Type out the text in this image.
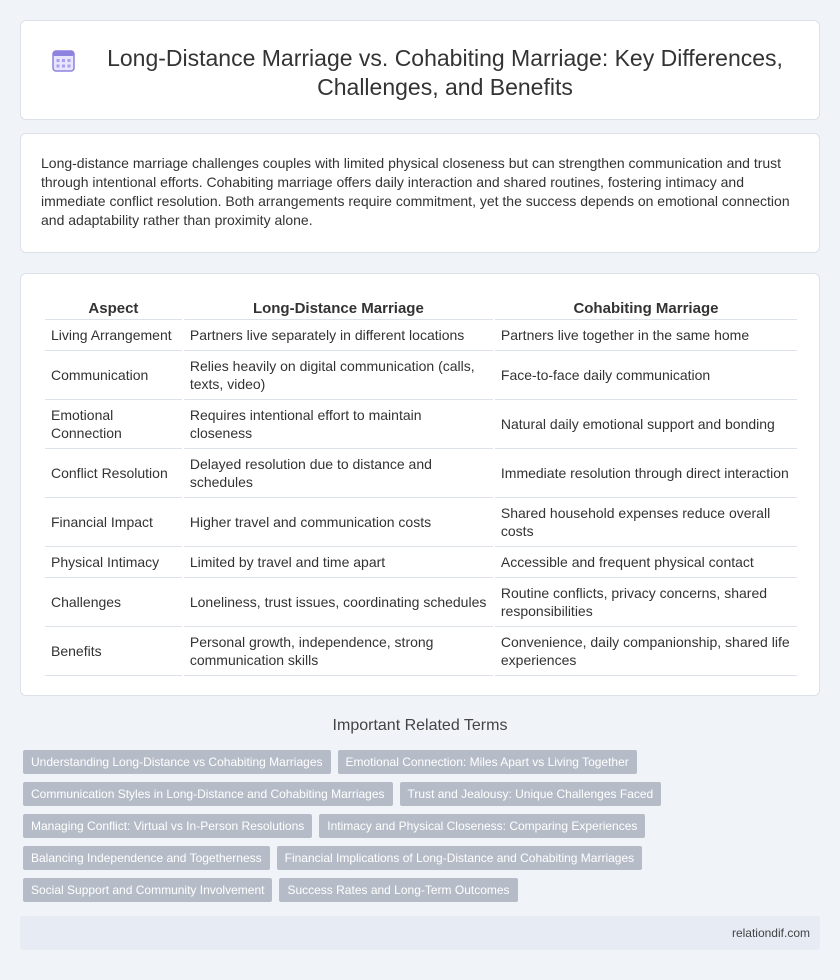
Long-Distance Marriage vs. Cohabiting Marriage: Key Differences, Challenges, and Benefits

Long-distance marriage challenges couples with limited physical closeness but can strengthen communication and trust through intentional efforts. Cohabiting marriage offers daily interaction and shared routines, fostering intimacy and immediate conflict resolution. Both arrangements require commitment, yet the success depends on emotional connection and adaptability rather than proximity alone.

Aspect	Long-Distance Marriage	Cohabiting Marriage
Living Arrangement	Partners live separately in different locations	Partners live together in the same home
Communication	Relies heavily on digital communication (calls, texts, video)	Face-to-face daily communication
Emotional Connection	Requires intentional effort to maintain closeness	Natural daily emotional support and bonding
Conflict Resolution	Delayed resolution due to distance and schedules	Immediate resolution through direct interaction
Financial Impact	Higher travel and communication costs	Shared household expenses reduce overall costs
Physical Intimacy	Limited by travel and time apart	Accessible and frequent physical contact
Challenges	Loneliness, trust issues, coordinating schedules	Routine conflicts, privacy concerns, shared responsibilities
Benefits	Personal growth, independence, strong communication skills	Convenience, daily companionship, shared life experiences
Important Related Terms
Understanding Long-Distance vs Cohabiting Marriages	Emotional Connection: Miles Apart vs Living Together
Communication Styles in Long-Distance and Cohabiting Marriages	Trust and Jealousy: Unique Challenges Faced
Managing Conflict: Virtual vs In-Person Resolutions	Intimacy and Physical Closeness: Comparing Experiences
Balancing Independence and Togetherness	Financial Implications of Long-Distance and Cohabiting Marriages
Social Support and Community Involvement	Success Rates and Long-Term Outcomes
relationdif.com
